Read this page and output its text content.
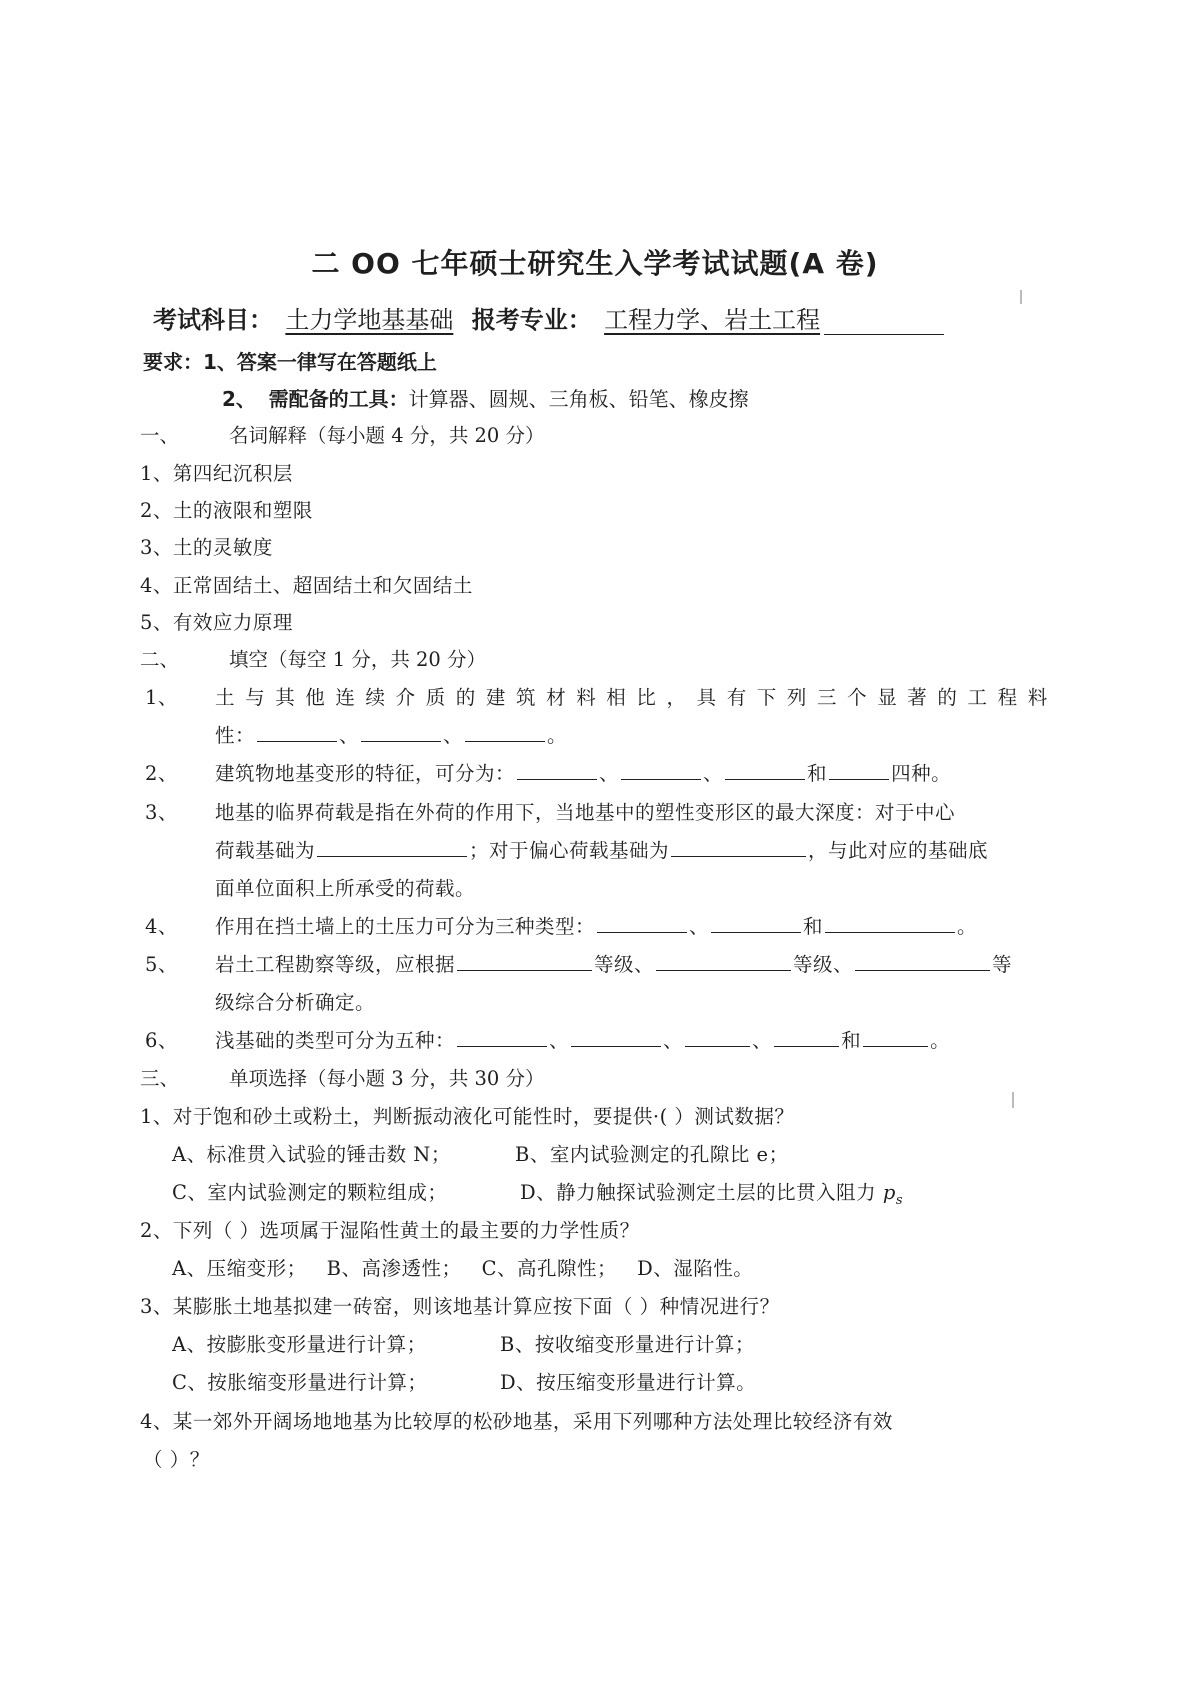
二 OO 七年硕士研究生入学考试试题(A 卷)
考试科目： 土力学地基基础 报考专业： 工程力学、岩土工程
要求：1、答案一律写在答题纸上
2、 需配备的工具：计算器、圆规、三角板、铅笔、橡皮擦
一、	名词解释（每小题 4 分，共 20 分）
1、第四纪沉积层
2、土的液限和塑限
3、土的灵敏度
4、正常固结土、超固结土和欠固结土
5、有效应力原理
二、	填空（每空 1 分，共 20 分）
1、 土与其他连续介质的建筑材料相比，具有下列三个显著的工程料
性：	、	、	。
2、 建筑物地基变形的特征，可分为：	、	、	和	四种。
3、 地基的临界荷载是指在外荷的作用下，当地基中的塑性变形区的最大深度：对于中心
荷载基础为	；对于偏心荷载基础为	，与此对应的基础底
面单位面积上所承受的荷载。
4、 作用在挡土墙上的土压力可分为三种类型：	、	和	。
5、 岩土工程勘察等级，应根据	等级、	等级、	等
级综合分析确定。
6、 浅基础的类型可分为五种：	、	、	、	和	。
三、	单项选择（每小题 3 分，共 30 分）
1、对于饱和砂土或粉土，判断振动液化可能性时，要提供·( ）测试数据？
A、标准贯入试验的锤击数 N；	B、室内试验测定的孔隙比 e；
C、室内试验测定的颗粒组成；	D、静力触探试验测定土层的比贯入阻力 $p_s$
2、下列（ ）选项属于湿陷性黄土的最主要的力学性质？
A、压缩变形；   B、高渗透性；   C、高孔隙性；   D、湿陷性。
3、某膨胀土地基拟建一砖窑，则该地基计算应按下面（ ）种情况进行？
A、按膨胀变形量进行计算；	B、按收缩变形量进行计算；
C、按胀缩变形量进行计算；	D、按压缩变形量进行计算。
4、某一郊外开阔场地地基为比较厚的松砂地基，采用下列哪种方法处理比较经济有效
（ ）？
